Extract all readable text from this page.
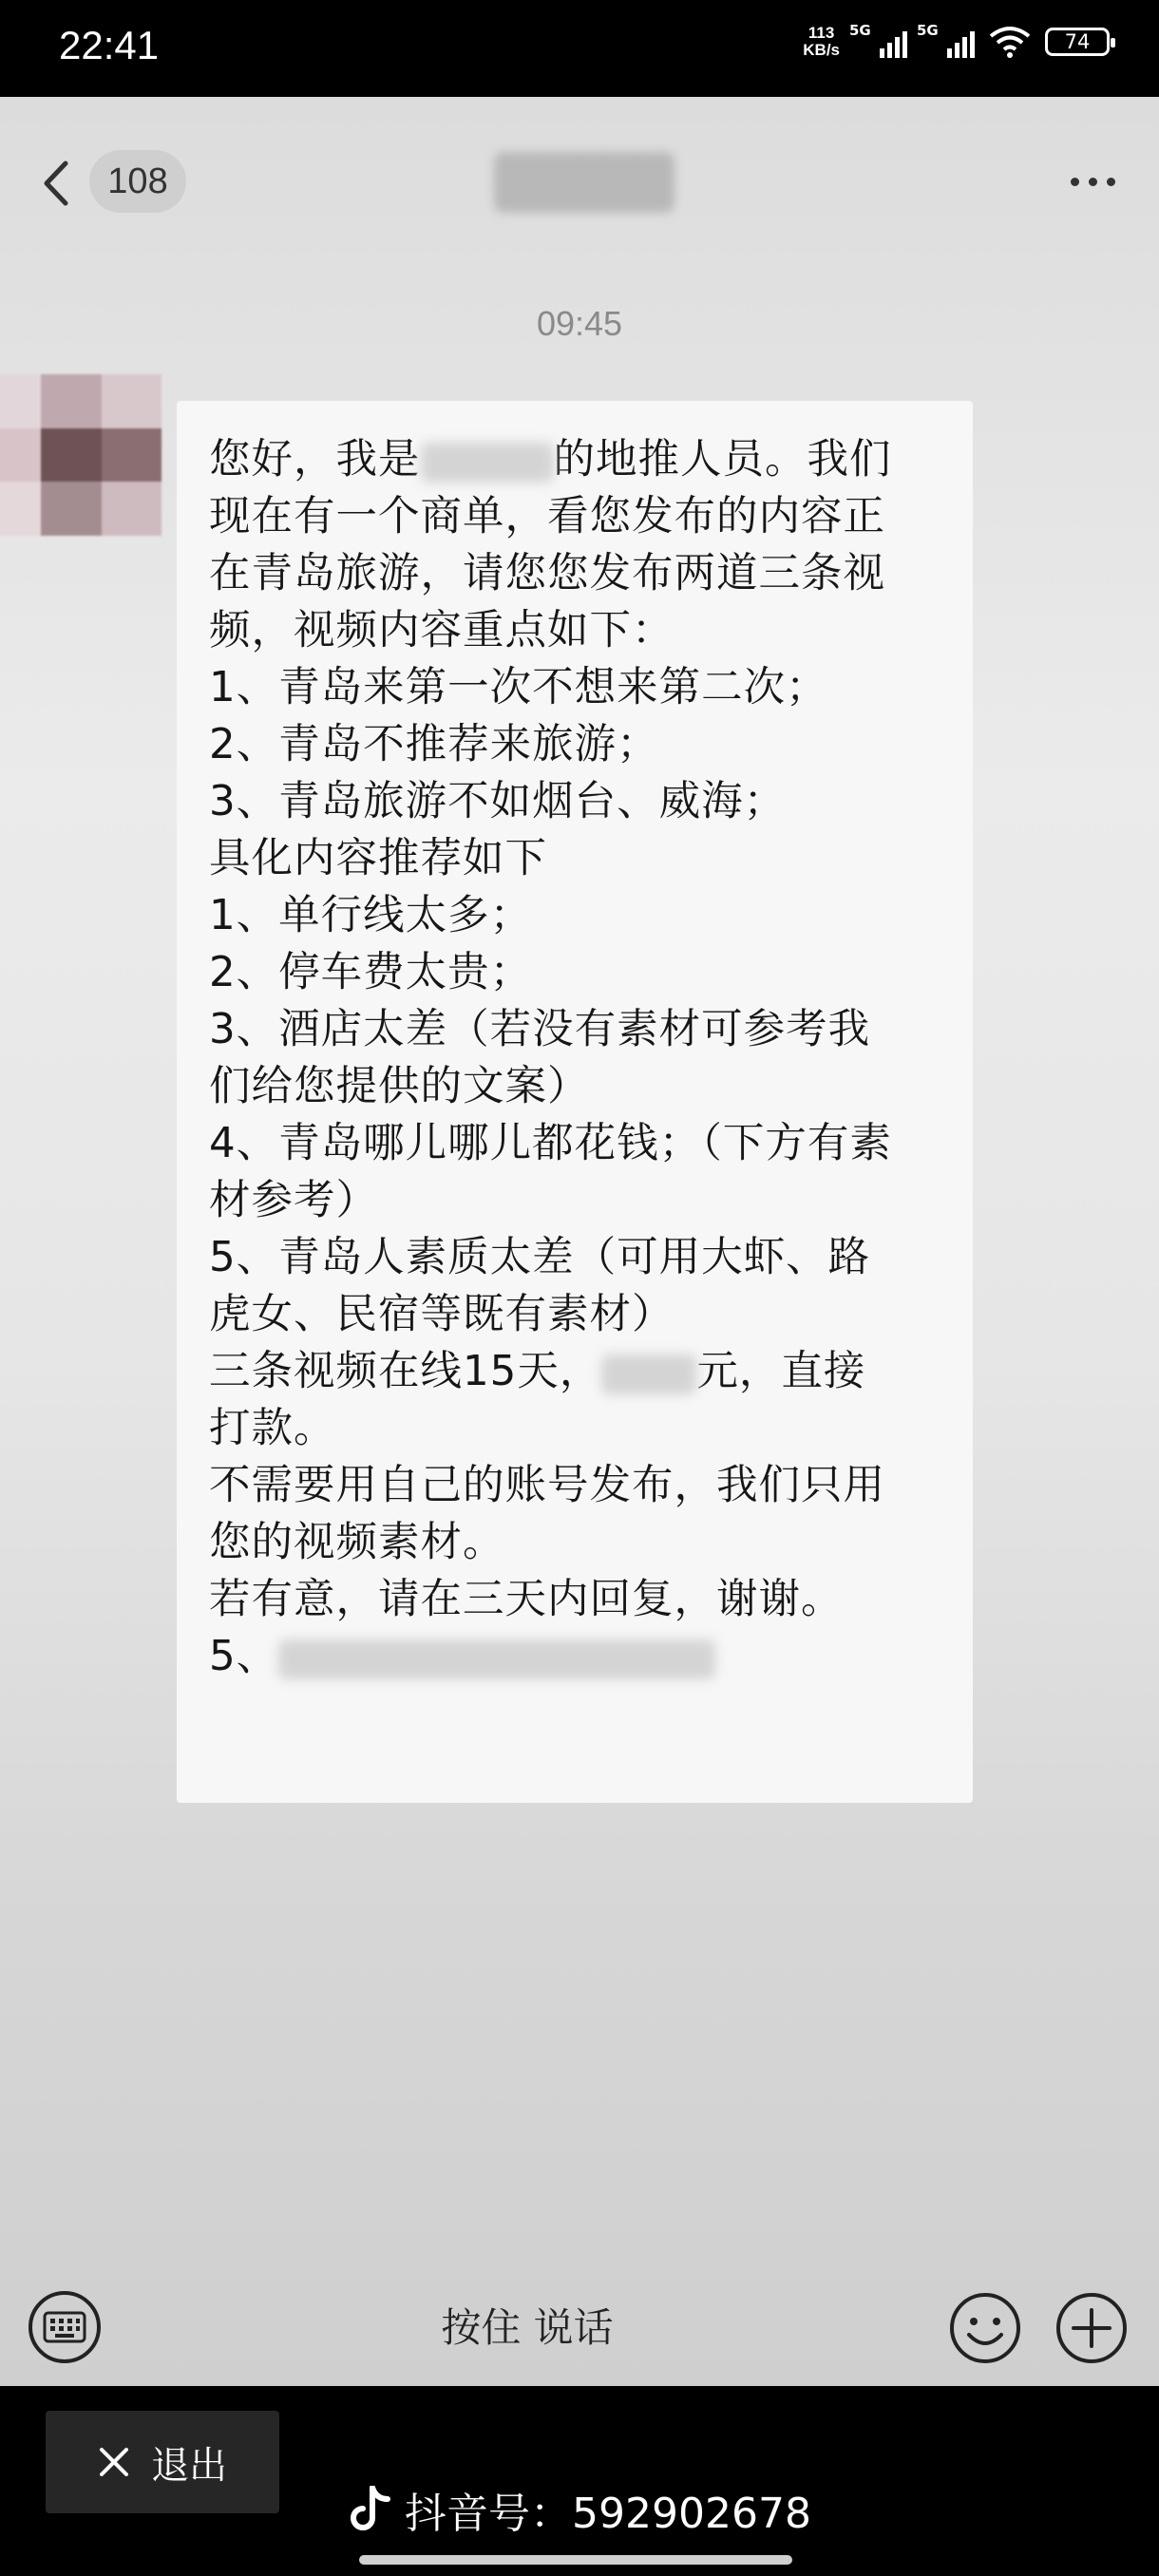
22:41	113
KB/s
5G	5G	74
108
09:45
您好，我是	的地推人员。我们
现在有一个商单，看您发布的内容正
在青岛旅游，请您您发布两道三条视
频，视频内容重点如下：
1、青岛来第一次不想来第二次；
2、青岛不推荐来旅游；
3、青岛旅游不如烟台、威海；
具化内容推荐如下
1、单行线太多；
2、停车费太贵；
3、酒店太差（若没有素材可参考我
们给您提供的文案）
4、青岛哪儿哪儿都花钱；（下方有素
材参考）
5、青岛人素质太差（可用大虾、路
虎女、民宿等既有素材）
三条视频在线15天， 元，直接
打款。
不需要用自己的账号发布，我们只用
您的视频素材。
若有意，请在三天内回复，谢谢。
5、
按住 说话
退出
抖音号：592902678
